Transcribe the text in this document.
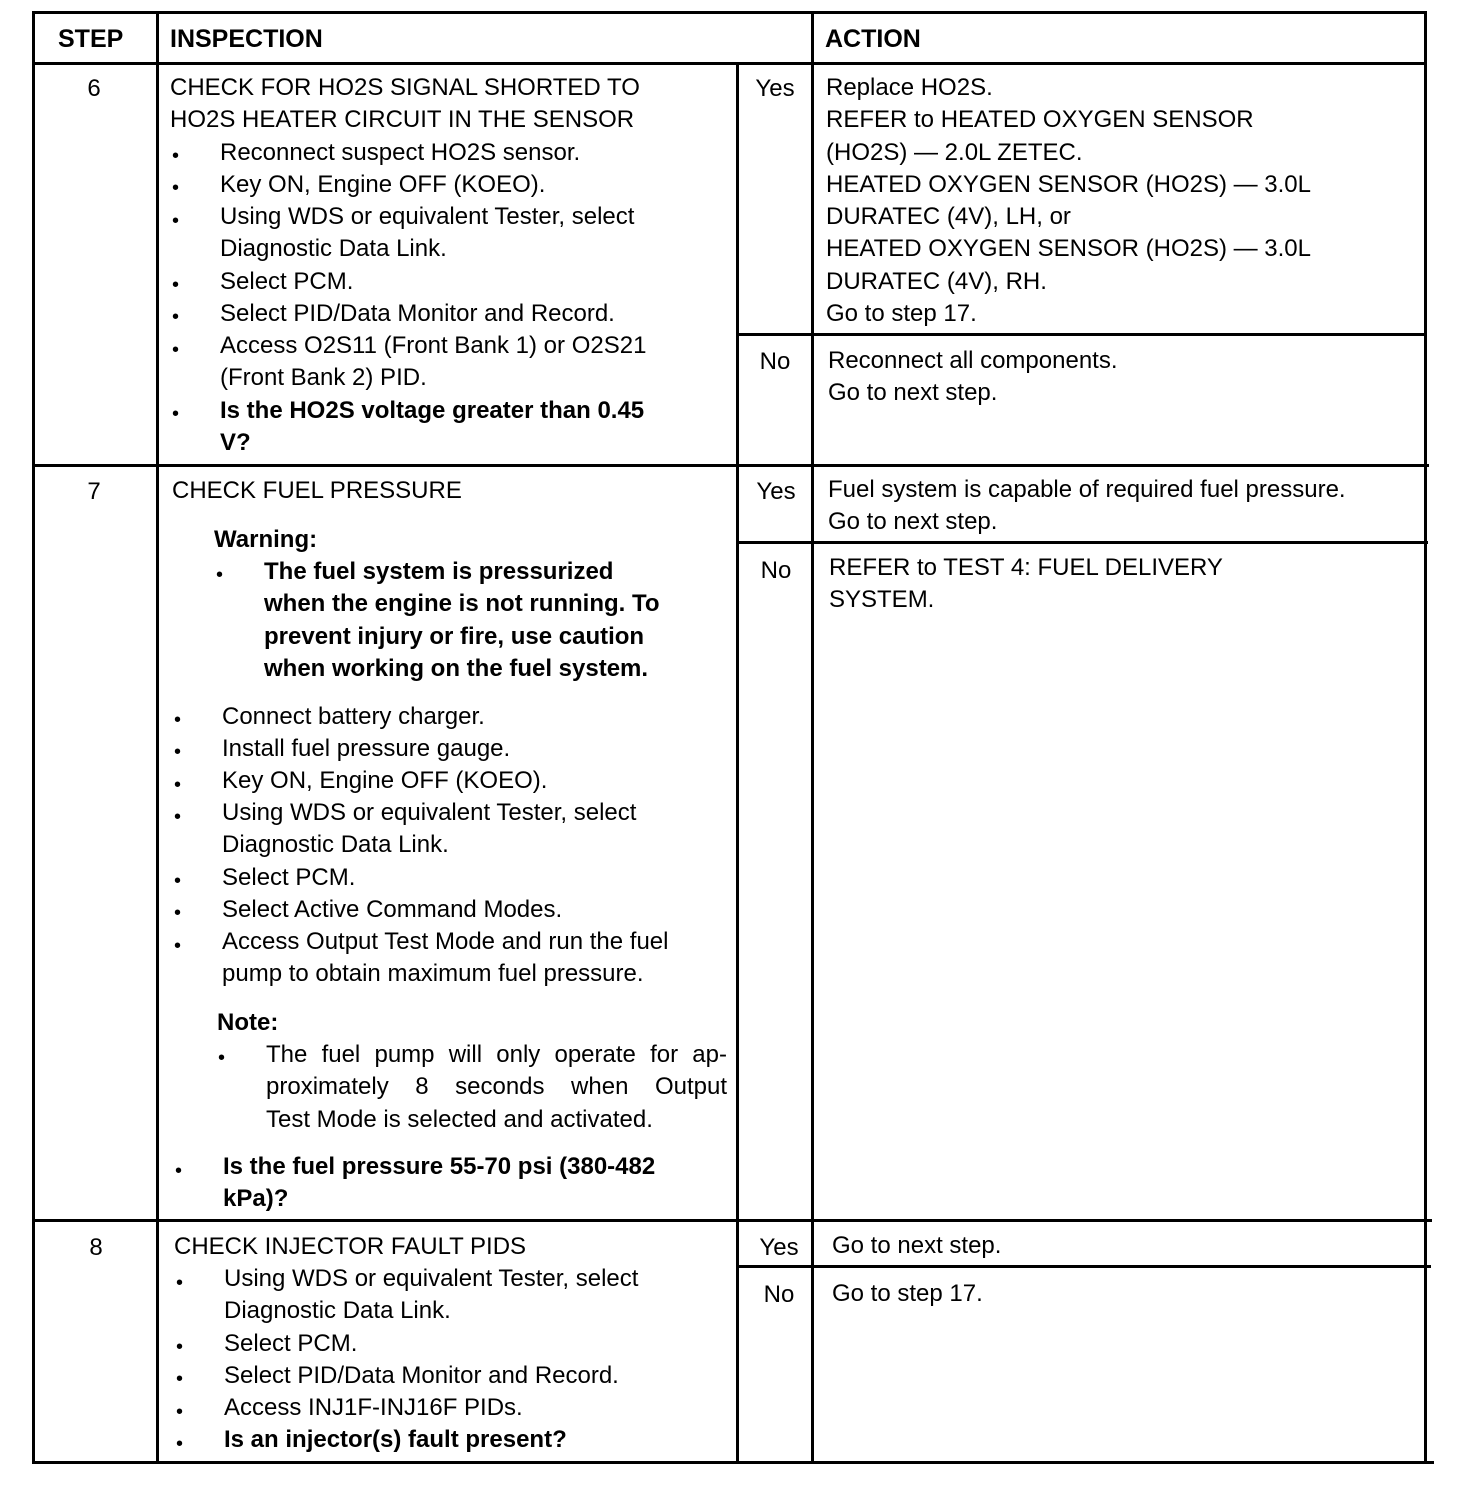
STEP INSPECTION	ACTION
6	CHECK FOR HO2S SIGNAL SHORTED TO
HO2S HEATER CIRCUIT IN THE SENSOR
• Reconnect suspect HO2S sensor.
• Key ON, Engine OFF (KOEO).
• Using WDS or equivalent Tester, select
Diagnostic Data Link.
• Select PCM.
• Select PID/Data Monitor and Record.
• Access O2S11 (Front Bank 1) or O2S21
(Front Bank 2) PID.
• Is the HO2S voltage greater than 0.45
V?
Yes	Replace HO2S.
REFER to HEATED OXYGEN SENSOR
(HO2S) — 2.0L ZETEC.
HEATED OXYGEN SENSOR (HO2S) — 3.0L
DURATEC (4V), LH, or
HEATED OXYGEN SENSOR (HO2S) — 3.0L
DURATEC (4V), RH.
Go to step 17.
No	Reconnect all components.
Go to next step.
7	CHECK FUEL PRESSURE
Warning:
• The fuel system is pressurized
when the engine is not running. To
prevent injury or fire, use caution
when working on the fuel system.
• Connect battery charger.
• Install fuel pressure gauge.
• Key ON, Engine OFF (KOEO).
• Using WDS or equivalent Tester, select
Diagnostic Data Link.
• Select PCM.
• Select Active Command Modes.
• Access Output Test Mode and run the fuel
pump to obtain maximum fuel pressure.
Note:
• The fuel pump will only operate for ap-
proximately 8 seconds when Output
Test Mode is selected and activated.
• Is the fuel pressure 55-70 psi (380-482
kPa)?
Yes	Fuel system is capable of required fuel pressure.
Go to next step.
No	REFER to TEST 4: FUEL DELIVERY
SYSTEM.
8	CHECK INJECTOR FAULT PIDS
• Using WDS or equivalent Tester, select
Diagnostic Data Link.
• Select PCM.
• Select PID/Data Monitor and Record.
• Access INJ1F-INJ16F PIDs.
• Is an injector(s) fault present?
Yes	Go to next step.
No	Go to step 17.
